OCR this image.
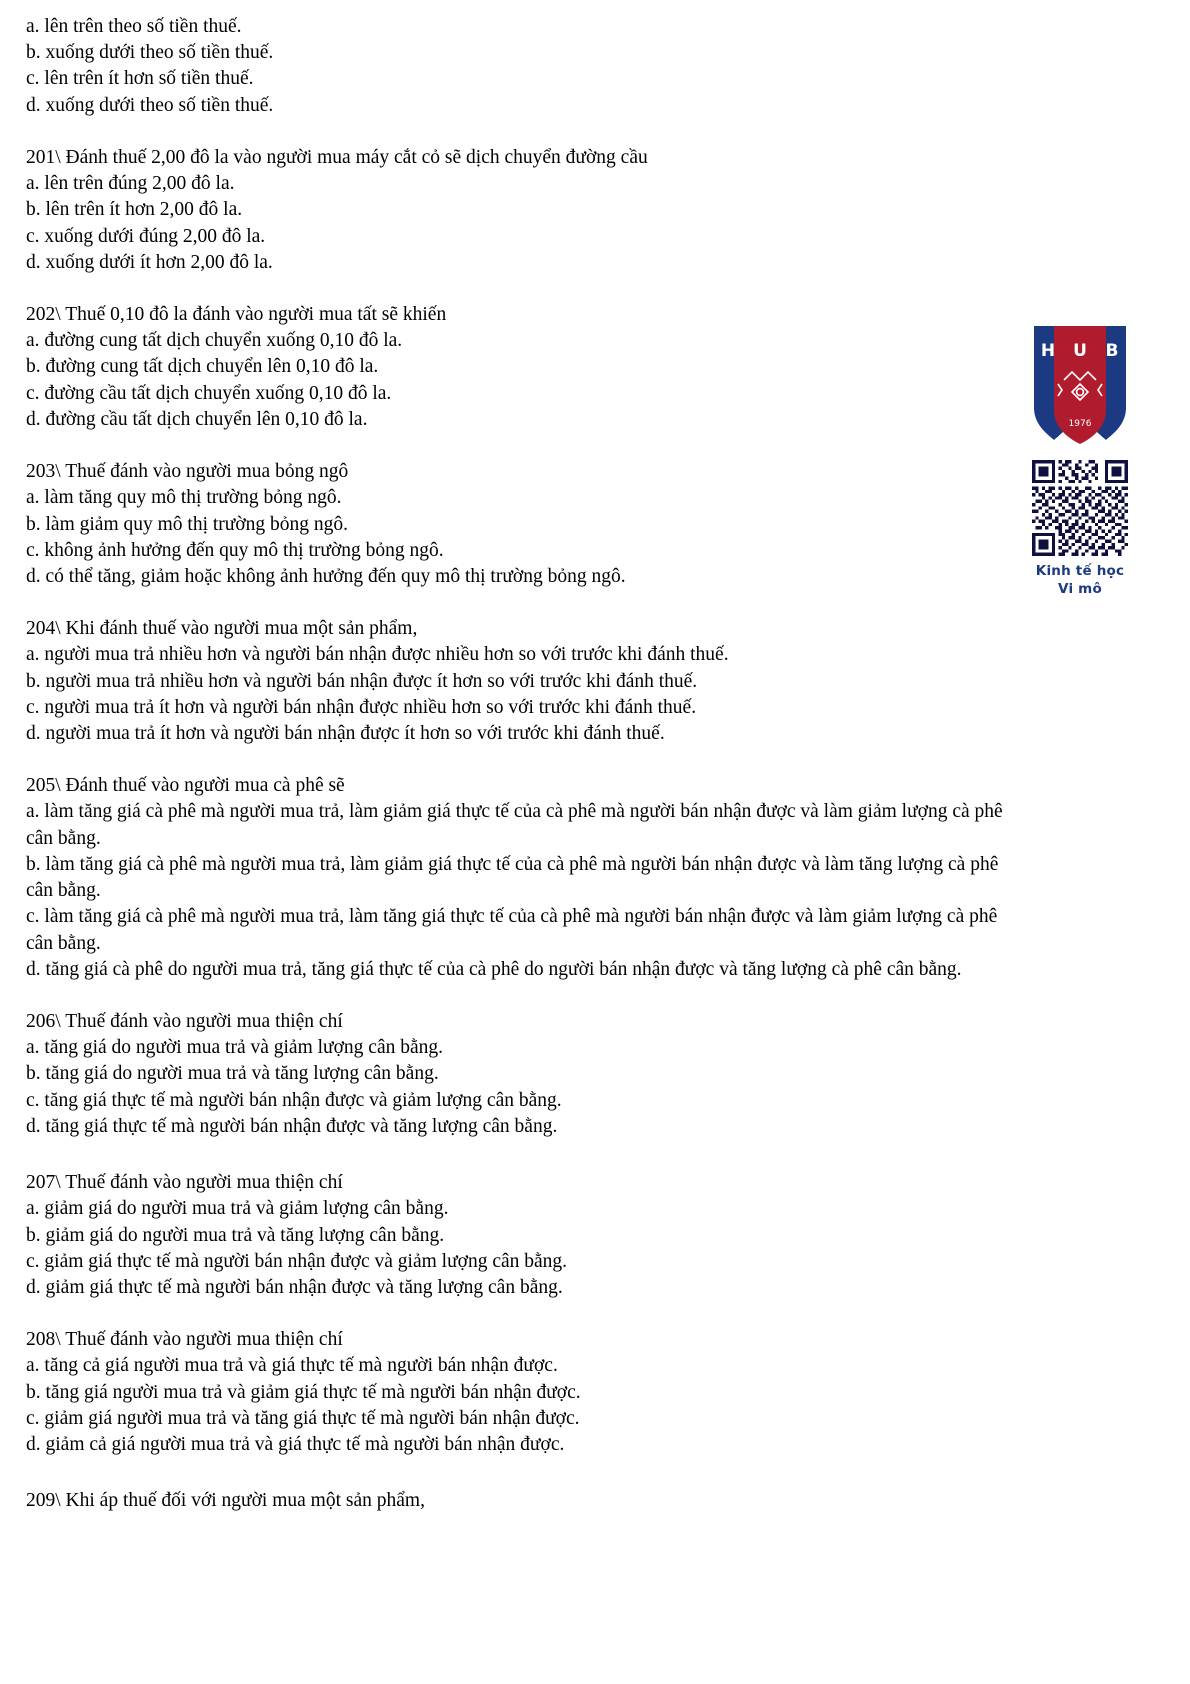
a. lên trên theo số tiền thuế.

b. xuống dưới theo số tiền thuế.

c. lên trên ít hơn số tiền thuế.

d. xuống dưới theo số tiền thuế.

201\ Đánh thuế 2,00 đô la vào người mua máy cắt cỏ sẽ dịch chuyển đường cầu

a. lên trên đúng 2,00 đô la.

b. lên trên ít hơn 2,00 đô la.

c. xuống dưới đúng 2,00 đô la.

d. xuống dưới ít hơn 2,00 đô la.

202\ Thuế 0,10 đô la đánh vào người mua tất sẽ khiến

a. đường cung tất dịch chuyển xuống 0,10 đô la.

b. đường cung tất dịch chuyển lên 0,10 đô la.

c. đường cầu tất dịch chuyển xuống 0,10 đô la.

d. đường cầu tất dịch chuyển lên 0,10 đô la.

203\ Thuế đánh vào người mua bỏng ngô

a. làm tăng quy mô thị trường bỏng ngô.

b. làm giảm quy mô thị trường bỏng ngô.

c. không ảnh hưởng đến quy mô thị trường bỏng ngô.

d. có thể tăng, giảm hoặc không ảnh hưởng đến quy mô thị trường bỏng ngô.

204\ Khi đánh thuế vào người mua một sản phẩm,

a. người mua trả nhiều hơn và người bán nhận được nhiều hơn so với trước khi đánh thuế.

b. người mua trả nhiều hơn và người bán nhận được ít hơn so với trước khi đánh thuế.

c. người mua trả ít hơn và người bán nhận được nhiều hơn so với trước khi đánh thuế.

d. người mua trả ít hơn và người bán nhận được ít hơn so với trước khi đánh thuế.

205\ Đánh thuế vào người mua cà phê sẽ

a. làm tăng giá cà phê mà người mua trả, làm giảm giá thực tế của cà phê mà người bán nhận được và làm giảm lượng cà phê cân bằng.

b. làm tăng giá cà phê mà người mua trả, làm giảm giá thực tế của cà phê mà người bán nhận được và làm tăng lượng cà phê cân bằng.

c. làm tăng giá cà phê mà người mua trả, làm tăng giá thực tế của cà phê mà người bán nhận được và làm giảm lượng cà phê cân bằng.

d. tăng giá cà phê do người mua trả, tăng giá thực tế của cà phê do người bán nhận được và tăng lượng cà phê cân bằng.

206\ Thuế đánh vào người mua thiện chí

a. tăng giá do người mua trả và giảm lượng cân bằng.

b. tăng giá do người mua trả và tăng lượng cân bằng.

c. tăng giá thực tế mà người bán nhận được và giảm lượng cân bằng.

d. tăng giá thực tế mà người bán nhận được và tăng lượng cân bằng.

207\ Thuế đánh vào người mua thiện chí

a. giảm giá do người mua trả và giảm lượng cân bằng.

b. giảm giá do người mua trả và tăng lượng cân bằng.

c. giảm giá thực tế mà người bán nhận được và giảm lượng cân bằng.

d. giảm giá thực tế mà người bán nhận được và tăng lượng cân bằng.

208\ Thuế đánh vào người mua thiện chí

a. tăng cả giá người mua trả và giá thực tế mà người bán nhận được.

b. tăng giá người mua trả và giảm giá thực tế mà người bán nhận được.

c. giảm giá người mua trả và tăng giá thực tế mà người bán nhận được.

d. giảm cả giá người mua trả và giá thực tế mà người bán nhận được.

209\ Khi áp thuế đối với người mua một sản phẩm,

H U B
1976
Kinh tế học
Vi mô
